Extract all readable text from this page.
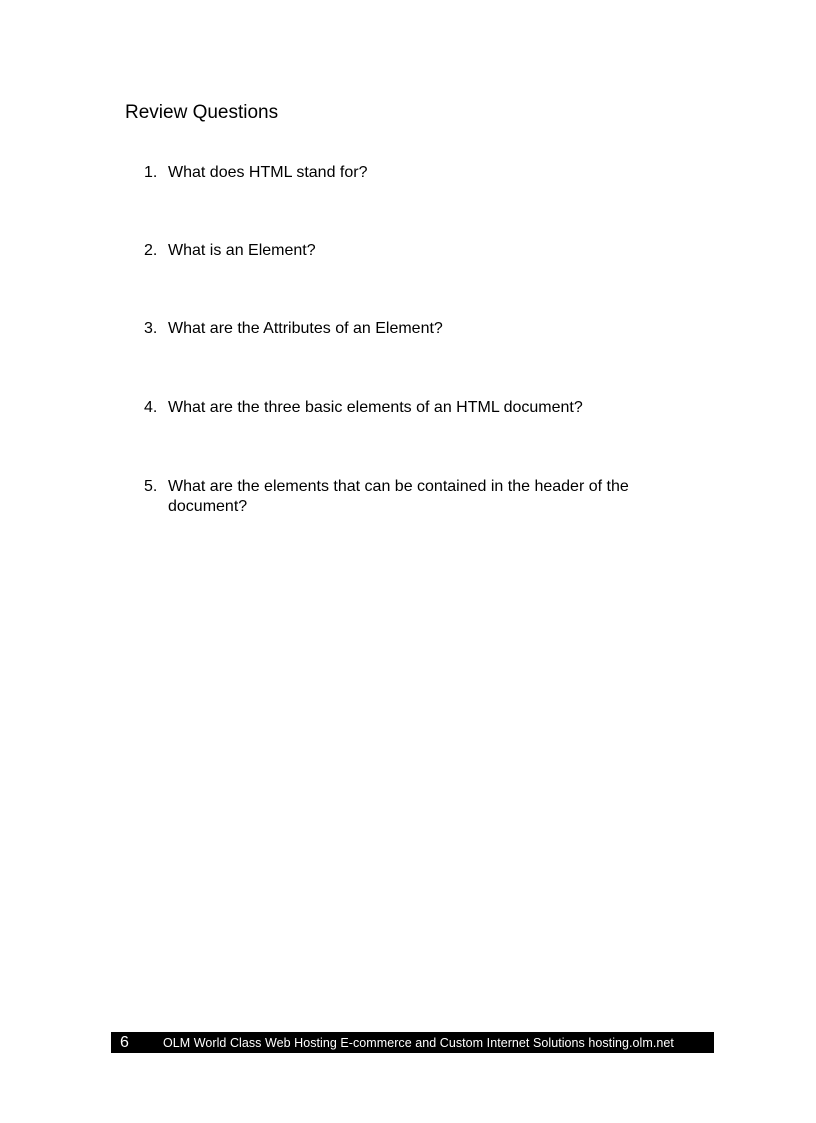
Review Questions
1. What does HTML stand for?
2. What is an Element?
3. What are the Attributes of an Element?
4. What are the three basic elements of an HTML document?
5. What are the elements that can be contained in the header of the document?
6	OLM World Class Web Hosting E-commerce and Custom Internet Solutions hosting.olm.net
